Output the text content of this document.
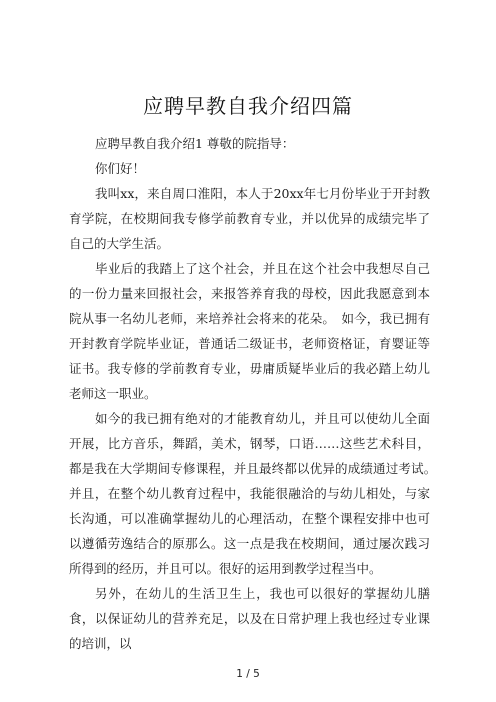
应聘早教自我介绍四篇

应聘早教自我介绍1 尊敬的院指导：

你们好！

我叫xx，来自周口淮阳，本人于20xx年七月份毕业于开封教育学院，在校期间我专修学前教育专业，并以优异的成绩完毕了自己的大学生活。

毕业后的我踏上了这个社会，并且在这个社会中我想尽自己的一份力量来回报社会，来报答养育我的母校，因此我愿意到本院从事一名幼儿老师，来培养社会将来的花朵。　如今，我已拥有开封教育学院毕业证，普通话二级证书，老师资格证，育婴证等证书。我专修的学前教育专业，毋庸质疑毕业后的我必踏上幼儿老师这一职业。

如今的我已拥有绝对的才能教育幼儿，并且可以使幼儿全面开展，比方音乐，舞蹈，美术，钢琴，口语……这些艺术科目，都是我在大学期间专修课程，并且最终都以优异的成绩通过考试。　并且，在整个幼儿教育过程中，我能很融洽的与幼儿相处，与家长沟通，可以准确掌握幼儿的心理活动，在整个课程安排中也可以遵循劳逸结合的原那么。这一点是我在校期间，通过屡次践习所得到的经历，并且可以。很好的运用到教学过程当中。

另外，在幼儿的生活卫生上，我也可以很好的掌握幼儿膳食，以保证幼儿的营养充足，以及在日常护理上我也经过专业课的培训，以

1 / 5
